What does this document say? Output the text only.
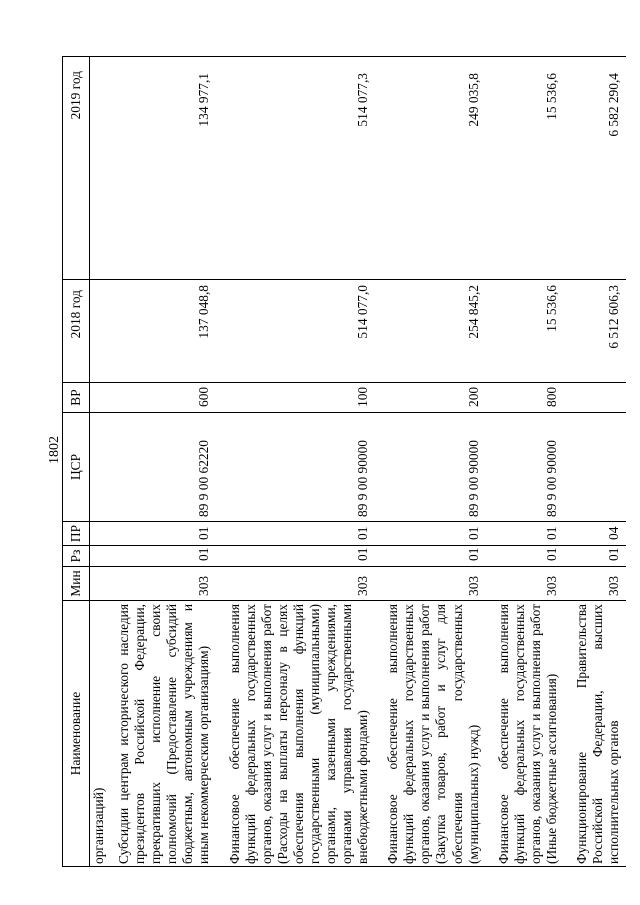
1802
Наименование	Мин	Рз	ПР	ЦСР	ВР	2018 год	2019 год
организаций)							
Субсидии центрам исторического наследия президентов Российской Федерации, прекративших исполнение своих полномочий (Предоставление субсидий бюджетным, автономным учреждениям и иным некоммерческим организациям)	303	01	01	89 9 00 62220	600	137 048,8	134 977,1
Финансовое обеспечение выполнения функций федеральных государственных органов, оказания услуг и выполнения работ (Расходы на выплаты персоналу в целях обеспечения выполнения функций государственными (муниципальными) органами, казенными учреждениями, органами управления государственными внебюджетными фондами)	303	01	01	89 9 00 90000	100	514 077,0	514 077,3
Финансовое обеспечение выполнения функций федеральных государственных органов, оказания услуг и выполнения работ (Закупка товаров, работ и услуг для обеспечения государственных (муниципальных) нужд)	303	01	01	89 9 00 90000	200	254 845,2	249 035,8
Финансовое обеспечение выполнения функций федеральных государственных органов, оказания услуг и выполнения работ (Иные бюджетные ассигнования)	303	01	01	89 9 00 90000	800	15 536,6	15 536,6
Функционирование Правительства Российской Федерации, высших исполнительных органов	303	01	04			6 512 606,3	6 582 290,4
